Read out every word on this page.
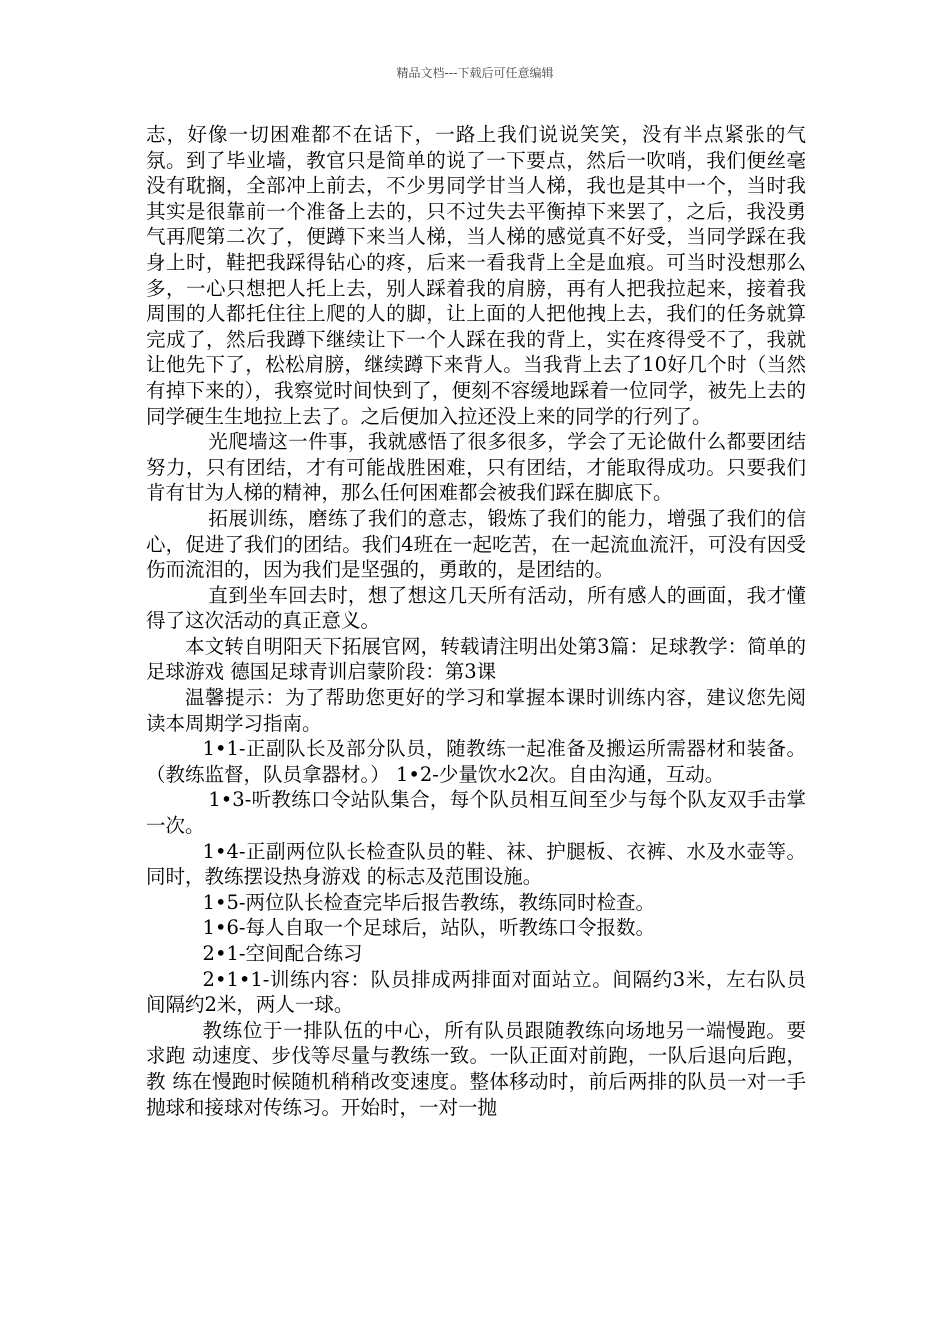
精品文档---下载后可任意编辑

志，好像一切困难都不在话下，一路上我们说说笑笑，没有半点紧张的气氛。到了毕业墙，教官只是简单的说了一下要点，然后一吹哨，我们便丝毫没有耽搁，全部冲上前去，不少男同学甘当人梯，我也是其中一个，当时我其实是很靠前一个准备上去的，只不过失去平衡掉下来罢了，之后，我没勇气再爬第二次了，便蹲下来当人梯，当人梯的感觉真不好受，当同学踩在我身上时，鞋把我踩得钻心的疼，后来一看我背上全是血痕。可当时没想那么多，一心只想把人托上去，别人踩着我的肩膀，再有人把我拉起来，接着我周围的人都托住往上爬的人的脚，让上面的人把他拽上去，我们的任务就算完成了，然后我蹲下继续让下一个人踩在我的背上，实在疼得受不了，我就让他先下了，松松肩膀，继续蹲下来背人。当我背上去了10好几个时（当然有掉下来的），我察觉时间快到了，便刻不容缓地踩着一位同学，被先上去的同学硬生生地拉上去了。之后便加入拉还没上来的同学的行列了。

光爬墙这一件事，我就感悟了很多很多，学会了无论做什么都要团结努力，只有团结，才有可能战胜困难，只有团结，才能取得成功。只要我们肯有甘为人梯的精神，那么任何困难都会被我们踩在脚底下。

拓展训练，磨练了我们的意志，锻炼了我们的能力，增强了我们的信心，促进了我们的团结。我们4班在一起吃苦，在一起流血流汗，可没有因受伤而流泪的，因为我们是坚强的，勇敢的，是团结的。

直到坐车回去时，想了想这几天所有活动，所有感人的画面，我才懂得了这次活动的真正意义。

本文转自明阳天下拓展官网，转载请注明出处第3篇：足球教学：简单的足球游戏 德国足球青训启蒙阶段：第3课

温馨提示：为了帮助您更好的学习和掌握本课时训练内容，建议您先阅读本周期学习指南。

1•1-正副队长及部分队员，随教练一起准备及搬运所需器材和装备。（教练监督，队员拿器材。） 1•2-少量饮水2次。自由沟通，互动。

1•3-听教练口令站队集合，每个队员相互间至少与每个队友双手击掌一次。

1•4-正副两位队长检查队员的鞋、袜、护腿板、衣裤、水及水壶等。同时，教练摆设热身游戏 的标志及范围设施。

1•5-两位队长检查完毕后报告教练，教练同时检查。

1•6-每人自取一个足球后，站队，听教练口令报数。

2•1-空间配合练习

2•1•1-训练内容：队员排成两排面对面站立。间隔约3米，左右队员间隔约2米，两人一球。

教练位于一排队伍的中心，所有队员跟随教练向场地另一端慢跑。要求跑 动速度、步伐等尽量与教练一致。一队正面对前跑，一队后退向后跑，教 练在慢跑时候随机稍稍改变速度。整体移动时，前后两排的队员一对一手 抛球和接球对传练习。开始时，一对一抛
